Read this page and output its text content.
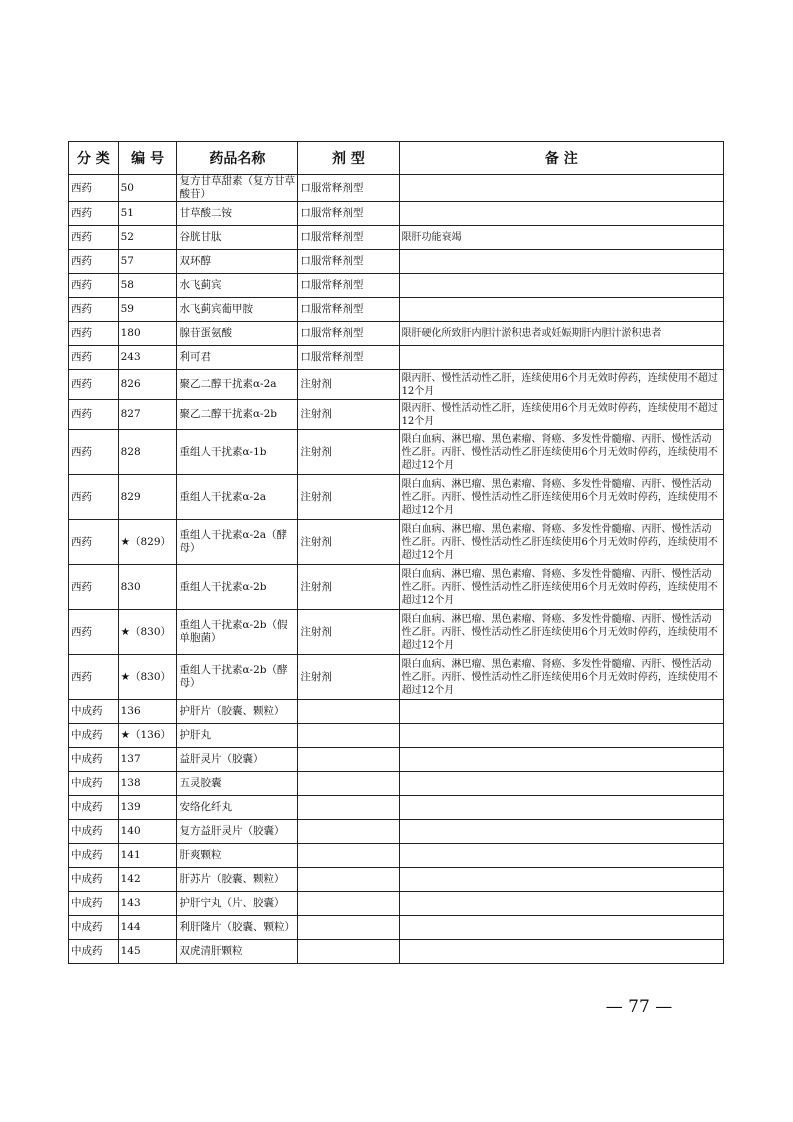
分 类	编 号	药品名称	剂 型	备 注
西药	50	复方甘草甜素（复方甘草酸苷）	口服常释剂型	
西药	51	甘草酸二铵	口服常释剂型	
西药	52	谷胱甘肽	口服常释剂型	限肝功能衰竭
西药	57	双环醇	口服常释剂型	
西药	58	水飞蓟宾	口服常释剂型	
西药	59	水飞蓟宾葡甲胺	口服常释剂型	
西药	180	腺苷蛋氨酸	口服常释剂型	限肝硬化所致肝内胆汁淤积患者或妊娠期肝内胆汁淤积患者
西药	243	利可君	口服常释剂型	
西药	826	聚乙二醇干扰素α-2a	注射剂	限丙肝、慢性活动性乙肝，连续使用6个月无效时停药，连续使用不超过12个月
西药	827	聚乙二醇干扰素α-2b	注射剂	限丙肝、慢性活动性乙肝，连续使用6个月无效时停药，连续使用不超过12个月
西药	828	重组人干扰素α-1b	注射剂	限白血病、淋巴瘤、黑色素瘤、肾癌、多发性骨髓瘤、丙肝、慢性活动性乙肝。丙肝、慢性活动性乙肝连续使用6个月无效时停药，连续使用不超过12个月
西药	829	重组人干扰素α-2a	注射剂	限白血病、淋巴瘤、黑色素瘤、肾癌、多发性骨髓瘤、丙肝、慢性活动性乙肝。丙肝、慢性活动性乙肝连续使用6个月无效时停药，连续使用不超过12个月
西药	★（829）	重组人干扰素α-2a（酵母）	注射剂	限白血病、淋巴瘤、黑色素瘤、肾癌、多发性骨髓瘤、丙肝、慢性活动性乙肝。丙肝、慢性活动性乙肝连续使用6个月无效时停药，连续使用不超过12个月
西药	830	重组人干扰素α-2b	注射剂	限白血病、淋巴瘤、黑色素瘤、肾癌、多发性骨髓瘤、丙肝、慢性活动性乙肝。丙肝、慢性活动性乙肝连续使用6个月无效时停药，连续使用不超过12个月
西药	★（830）	重组人干扰素α-2b（假单胞菌）	注射剂	限白血病、淋巴瘤、黑色素瘤、肾癌、多发性骨髓瘤、丙肝、慢性活动性乙肝。丙肝、慢性活动性乙肝连续使用6个月无效时停药，连续使用不超过12个月
西药	★（830）	重组人干扰素α-2b（酵母）	注射剂	限白血病、淋巴瘤、黑色素瘤、肾癌、多发性骨髓瘤、丙肝、慢性活动性乙肝。丙肝、慢性活动性乙肝连续使用6个月无效时停药，连续使用不超过12个月
中成药	136	护肝片（胶囊、颗粒）		
中成药	★（136）	护肝丸		
中成药	137	益肝灵片（胶囊）		
中成药	138	五灵胶囊		
中成药	139	安络化纤丸		
中成药	140	复方益肝灵片（胶囊）		
中成药	141	肝爽颗粒		
中成药	142	肝苏片（胶囊、颗粒）		
中成药	143	护肝宁丸（片、胶囊）		
中成药	144	利肝隆片（胶囊、颗粒）		
中成药	145	双虎清肝颗粒		
— 77 —
